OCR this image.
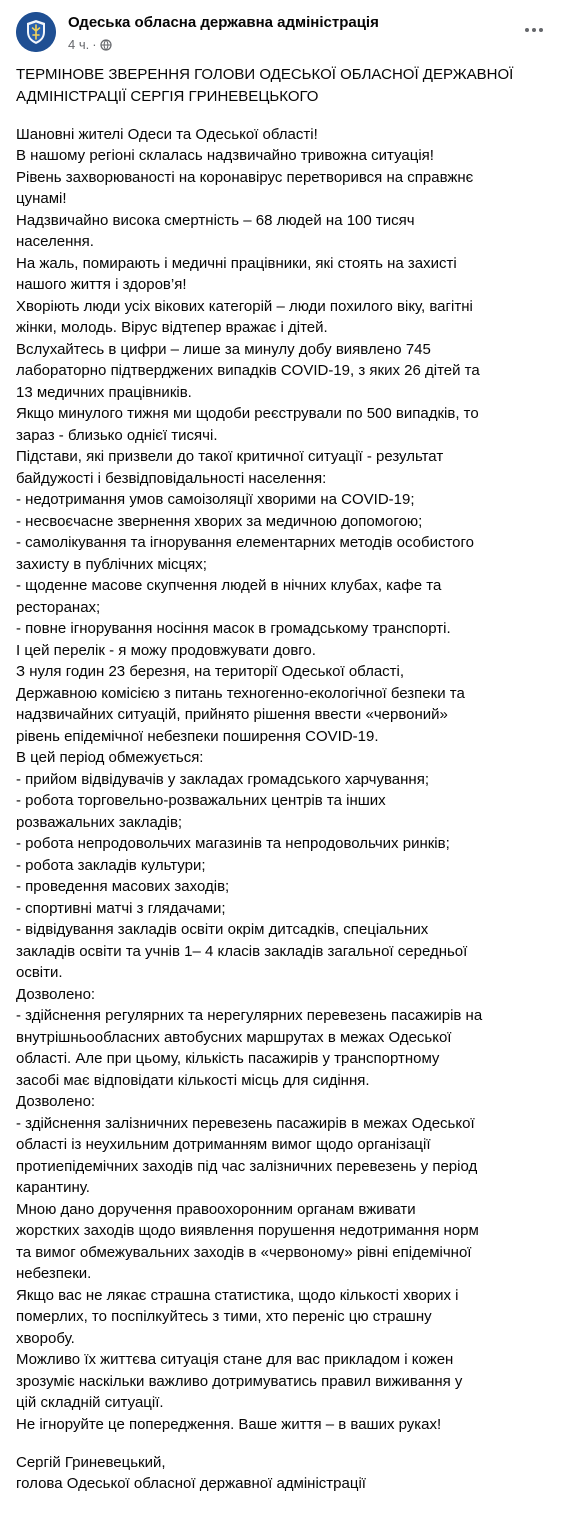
Одеська обласна державна адміністрація
4 ч. ·

ТЕРМІНОВЕ ЗВЕРЕННЯ ГОЛОВИ ОДЕСЬКОЇ ОБЛАСНОЇ ДЕРЖАВНОЇ
АДМІНІСТРАЦІЇ СЕРГІЯ ГРИНЕВЕЦЬКОГО

Шановні жителі Одеси та Одеської області!
В нашому регіоні склалась надзвичайно тривожна ситуація!
Рівень захворюваності на коронавірус перетворився на справжнє
цунамі!
Надзвичайно висока смертність – 68 людей на 100 тисяч
населення.
На жаль, помирають і медичні працівники, які стоять на захисті
нашого життя і здоров’я!
Хворіють люди усіх вікових категорій – люди похилого віку, вагітні
жінки, молодь. Вірус відтепер вражає і дітей.
Вслухайтесь в цифри – лише за минулу добу виявлено 745
лабораторно підтверджених випадків COVID-19, з яких 26 дітей та
13 медичних працівників.
Якщо минулого тижня ми щодоби реєстрували по 500 випадків, то
зараз - близько однієї тисячі.
Підстави, які призвели до такої критичної ситуації - результат
байдужості і безвідповідальності населення:
- недотримання умов самоізоляції хворими на COVID-19;
- несвоєчасне звернення хворих за медичною допомогою;
- самолікування та ігнорування елементарних методів особистого
захисту в публічних місцях;
- щоденне масове скупчення людей в нічних клубах, кафе та
ресторанах;
- повне ігнорування носіння масок в громадському транспорті.
І цей перелік - я можу продовжувати довго.
З нуля годин 23 березня, на території Одеської області,
Державною комісією з питань техногенно-екологічної безпеки та
надзвичайних ситуацій, прийнято рішення ввести «червоний»
рівень епідемічної небезпеки поширення COVID-19.
В цей період обмежується:
- прийом відвідувачів у закладах громадського харчування;
- робота торговельно-розважальних центрів та інших
розважальних закладів;
- робота непродовольчих магазинів та непродовольчих ринків;
- робота закладів культури;
- проведення масових заходів;
- спортивні матчі з глядачами;
- відвідування закладів освіти окрім дитсадків, спеціальних
закладів освіти та учнів 1– 4 класів закладів загальної середньої
освіти.
Дозволено:
- здійснення регулярних та нерегулярних перевезень пасажирів на
внутрішньообласних автобусних маршрутах в межах Одеської
області. Але при цьому, кількість пасажирів у транспортному
засобі має відповідати кількості місць для сидіння.
Дозволено:
- здійснення залізничних перевезень пасажирів в межах Одеської
області із неухильним дотриманням вимог щодо організації
протиепідемічних заходів під час залізничних перевезень у період
карантину.
Мною дано доручення правоохоронним органам вживати
жорстких заходів щодо виявлення порушення недотримання норм
та вимог обмежувальних заходів в «червоному» рівні епідемічної
небезпеки.
Якщо вас не лякає страшна статистика, щодо кількості хворих і
померлих, то поспілкуйтесь з тими, хто переніс цю страшну
хворобу.
Можливо їх життєва ситуація стане для вас прикладом і кожен
зрозуміє наскільки важливо дотримуватись правил виживання у
цій складній ситуації.
Не ігноруйте це попередження. Ваше життя – в ваших руках!

Сергій Гриневецький,
голова Одеської обласної державної адміністрації
